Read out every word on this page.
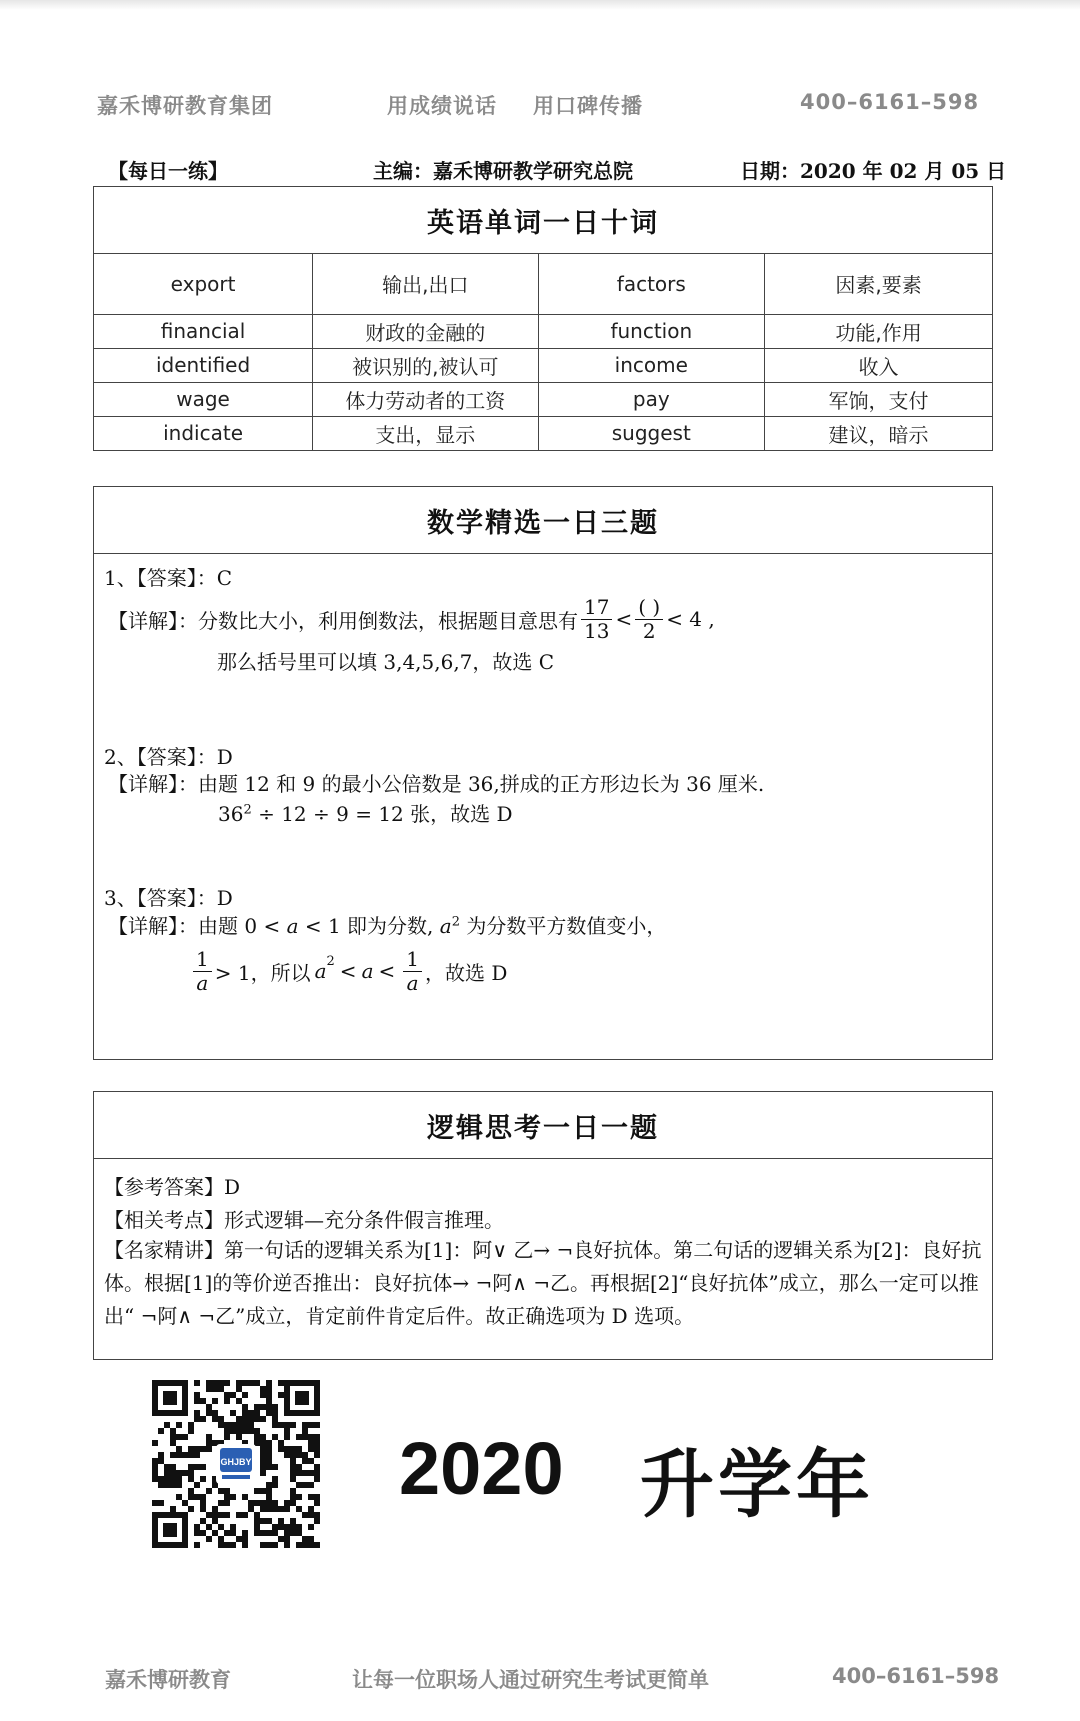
嘉禾博研教育集团	用成绩说话 用口碑传播	400–6161–598
【每日一练】	主编：嘉禾博研教学研究总院	日期：2020 年 02 月 05 日
英语单词一日十词
export	输出,出口	factors	因素,要素
financial	财政的金融的	function	功能,作用
identified	被识别的,被认可	income	收入
wage	体力劳动者的工资	pay	军饷，支付
indicate	支出，显示	suggest	建议，暗示
数学精选一日三题
1、【答案】：C
【详解】： 分数比大小，利用倒数法，根据题目意思有 $\frac{17}{13} < \frac{( )}{2} < 4$ ,
那么括号里可以填 3,4,5,6,7，故选 C
2、【答案】：D
【详解】：由题 12 和 9 的最小公倍数是 36,拼成的正方形边长为 36 厘米.
$36^2 \div 12 \div 9 = 12$ 张，故选 D
3、【答案】：D
【详解】：由题 0 < a < 1 即为分数, $a^2$ 为分数平方数值变小，
$\frac{1}{a} > 1$，所以 $a^2 < a < \frac{1}{a}$ ，故选 D
逻辑思考一日一题
【参考答案】D
【相关考点】形式逻辑—充分条件假言推理。
【名家精讲】第一句话的逻辑关系为[1]：阿∨ 乙→ ¬良好抗体。第二句话的逻辑关系为[2]：良好抗体。根据[1]的等价逆否推出：良好抗体→ ¬阿∧ ¬乙。再根据[2]“良好抗体”成立，那么一定可以推出“ ¬阿∧ ¬乙”成立，肯定前件肯定后件。故正确选项为 D 选项。
GHJBY 2020 升学年
嘉禾博研教育	让每一位职场人通过研究生考试更简单	400–6161–598
